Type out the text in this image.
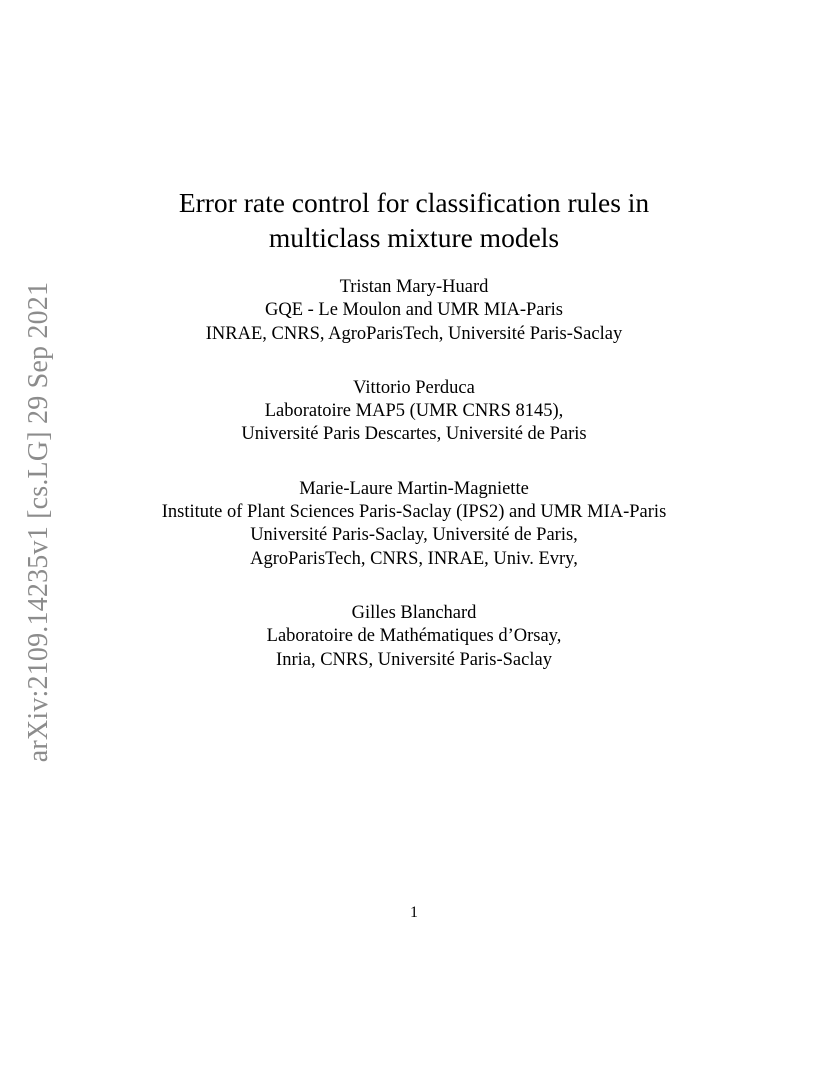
arXiv:2109.14235v1 [cs.LG] 29 Sep 2021
Error rate control for classification rules in
multiclass mixture models
Tristan Mary-Huard
GQE - Le Moulon and UMR MIA-Paris
INRAE, CNRS, AgroParisTech, Université Paris-Saclay
Vittorio Perduca
Laboratoire MAP5 (UMR CNRS 8145),
Université Paris Descartes, Université de Paris
Marie-Laure Martin-Magniette
Institute of Plant Sciences Paris-Saclay (IPS2) and UMR MIA-Paris
Université Paris-Saclay, Université de Paris,
AgroParisTech, CNRS, INRAE, Univ. Evry,
Gilles Blanchard
Laboratoire de Mathématiques d’Orsay,
Inria, CNRS, Université Paris-Saclay
1
